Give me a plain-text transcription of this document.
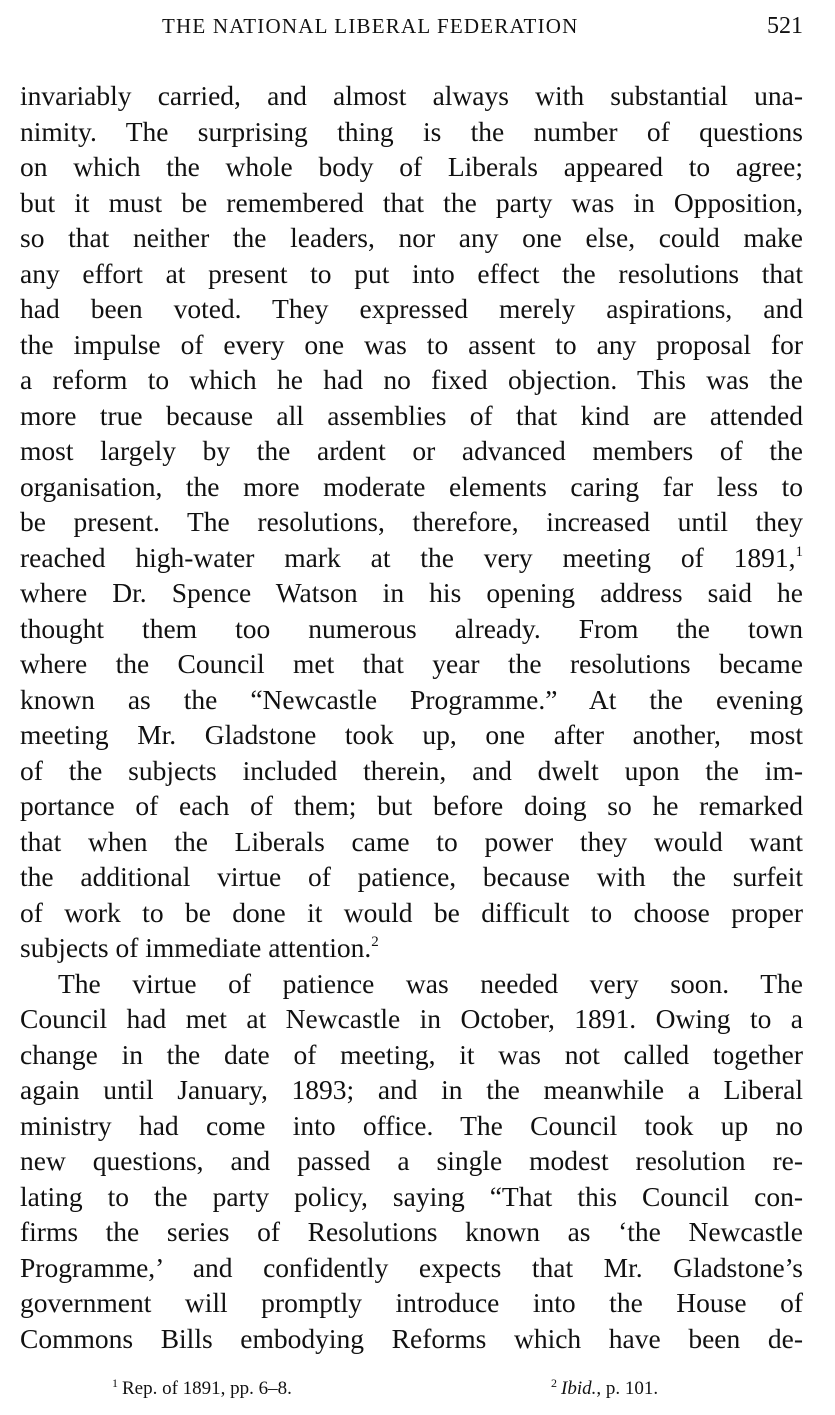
THE NATIONAL LIBERAL FEDERATION	521
invariably carried, and almost always with substantial una-
nimity. The surprising thing is the number of questions
on which the whole body of Liberals appeared to agree;
but it must be remembered that the party was in Opposition,
so that neither the leaders, nor any one else, could make
any effort at present to put into effect the resolutions that
had been voted. They expressed merely aspirations, and
the impulse of every one was to assent to any proposal for
a reform to which he had no fixed objection. This was the
more true because all assemblies of that kind are attended
most largely by the ardent or advanced members of the
organisation, the more moderate elements caring far less to
be present. The resolutions, therefore, increased until they
reached high-water mark at the very meeting of 1891,$^1$
where Dr. Spence Watson in his opening address said he
thought them too numerous already. From the town
where the Council met that year the resolutions became
known as the “Newcastle Programme.” At the evening
meeting Mr. Gladstone took up, one after another, most
of the subjects included therein, and dwelt upon the im-
portance of each of them; but before doing so he remarked
that when the Liberals came to power they would want
the additional virtue of patience, because with the surfeit
of work to be done it would be difficult to choose proper
subjects of immediate attention.$^2$
The virtue of patience was needed very soon. The
Council had met at Newcastle in October, 1891. Owing to a
change in the date of meeting, it was not called together
again until January, 1893; and in the meanwhile a Liberal
ministry had come into office. The Council took up no
new questions, and passed a single modest resolution re-
lating to the party policy, saying “That this Council con-
firms the series of Resolutions known as ‘the Newcastle
Programme,’ and confidently expects that Mr. Gladstone’s
government will promptly introduce into the House of
Commons Bills embodying Reforms which have been de-
$^1$ Rep. of 1891, pp. 6–8.	$^2$ Ibid., p. 101.
